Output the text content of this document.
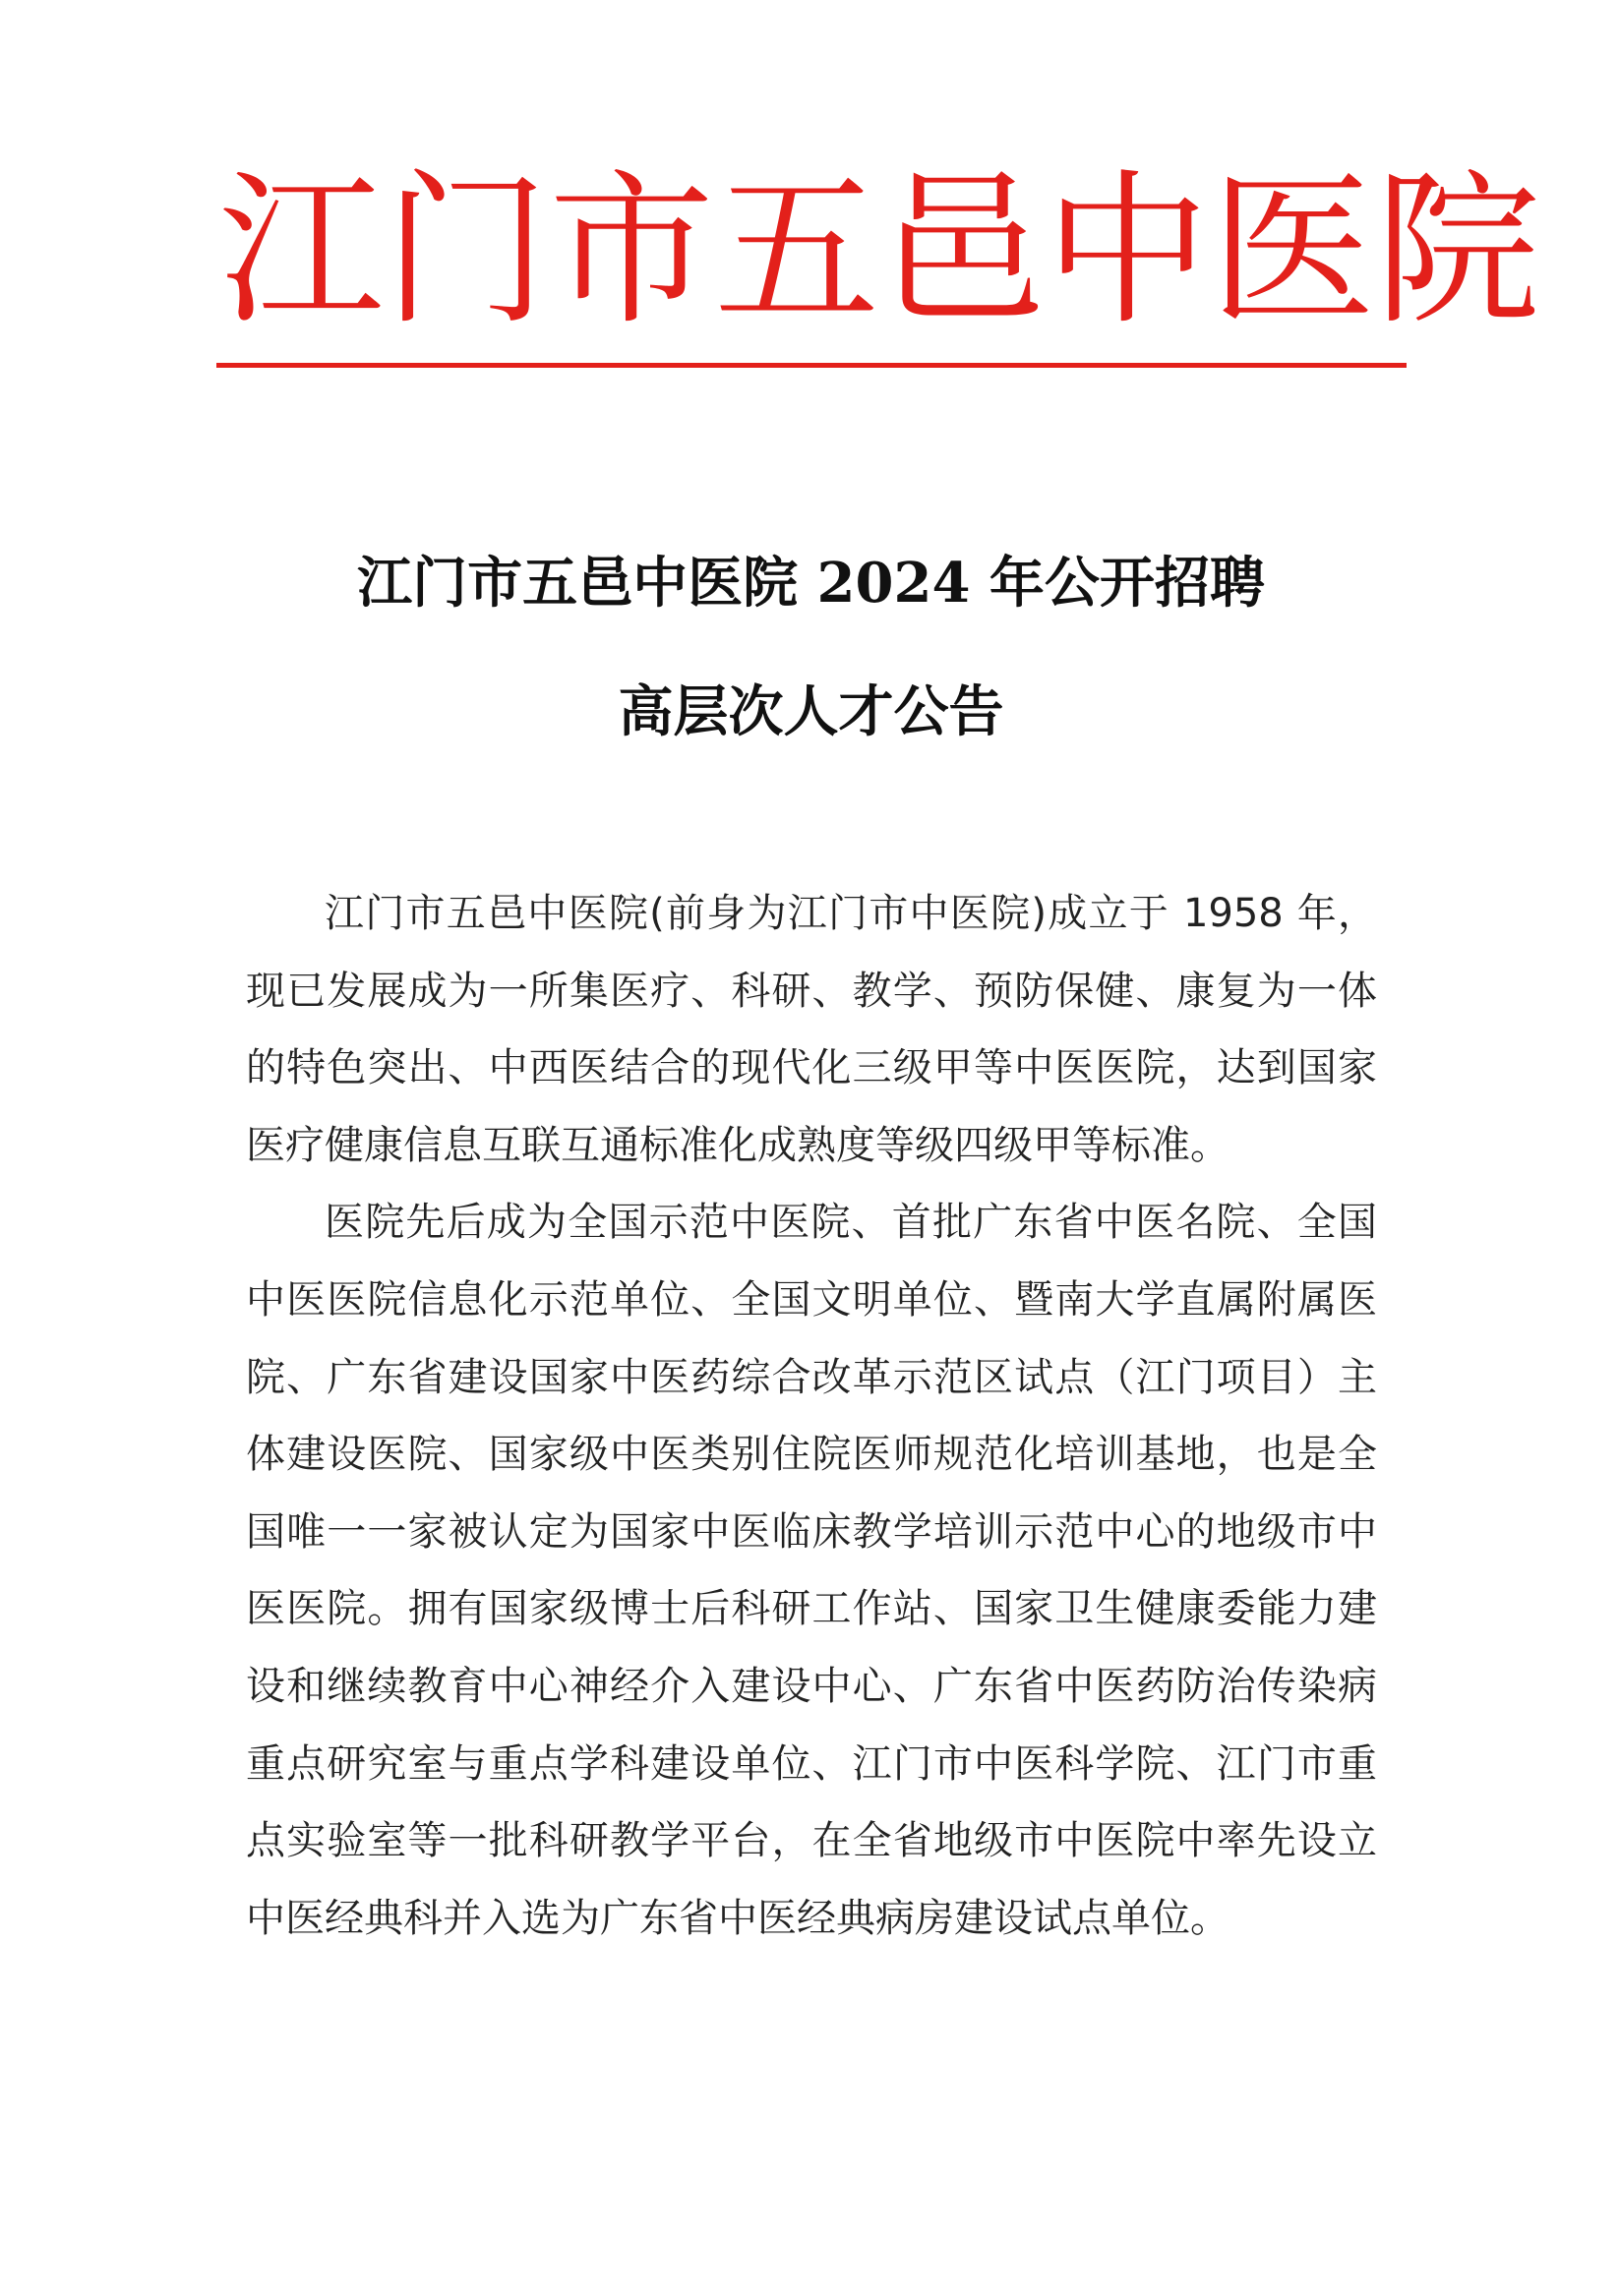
江 门 市 五 邑 中 医 院
江门市五邑中医院 2024 年公开招聘
高层次人才公告

江门市五邑中医院(前身为江门市中医院)成立于 1958 年，现已发展成为一所集医疗、科研、教学、预防保健、康复为一体的特色突出、中西医结合的现代化三级甲等中医医院，达到国家医疗健康信息互联互通标准化成熟度等级四级甲等标准。

医院先后成为全国示范中医院、首批广东省中医名院、全国中医医院信息化示范单位、全国文明单位、暨南大学直属附属医院、广东省建设国家中医药综合改革示范区试点（江门项目）主体建设医院、国家级中医类别住院医师规范化培训基地，也是全国唯一一家被认定为国家中医临床教学培训示范中心的地级市中医医院。拥有国家级博士后科研工作站、国家卫生健康委能力建设和继续教育中心神经介入建设中心、广东省中医药防治传染病重点研究室与重点学科建设单位、江门市中医科学院、江门市重点实验室等一批科研教学平台，在全省地级市中医院中率先设立中医经典科并入选为广东省中医经典病房建设试点单位。
